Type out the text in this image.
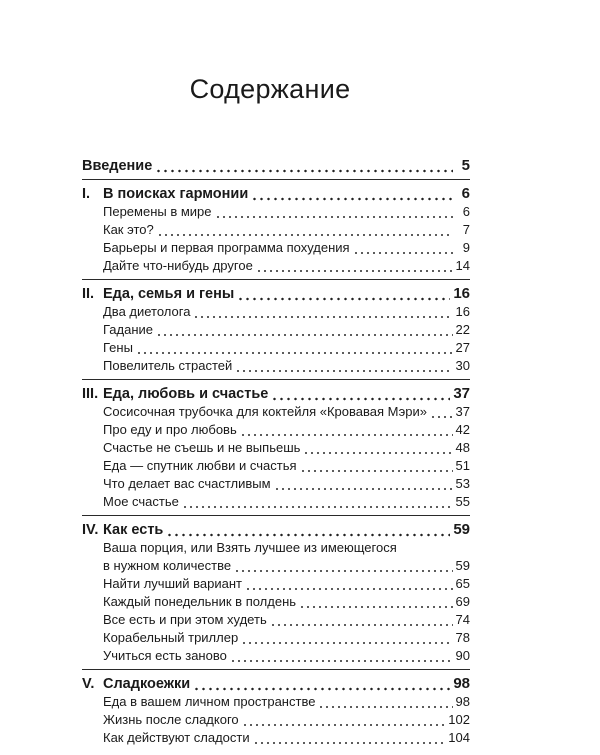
Содержание
Введение	5
I. В поисках гармонии	6
Перемены в мире	6
Как это?	7
Барьеры и первая программа похудения	9
Дайте что-нибудь другое	14
II. Еда, семья и гены	16
Два диетолога	16
Гадание	22
Гены	27
Повелитель страстей	30
III. Еда, любовь и счастье	37
Сосисочная трубочка для коктейля «Кровавая Мэри» 37
Про еду и про любовь	42
Счастье не съешь и не выпьешь	48
Еда — спутник любви и счастья	51
Что делает вас счастливым	53
Мое счастье	55
IV. Как есть	59
Ваша порция, или Взять лучшее из имеющегося
в нужном количестве	59
Найти лучший вариант	65
Каждый понедельник в полдень	69
Все есть и при этом худеть	74
Корабельный триллер	78
Учиться есть заново	90
V. Сладкоежки	98
Еда в вашем личном пространстве	98
Жизнь после сладкого	102
Как действуют сладости	104
